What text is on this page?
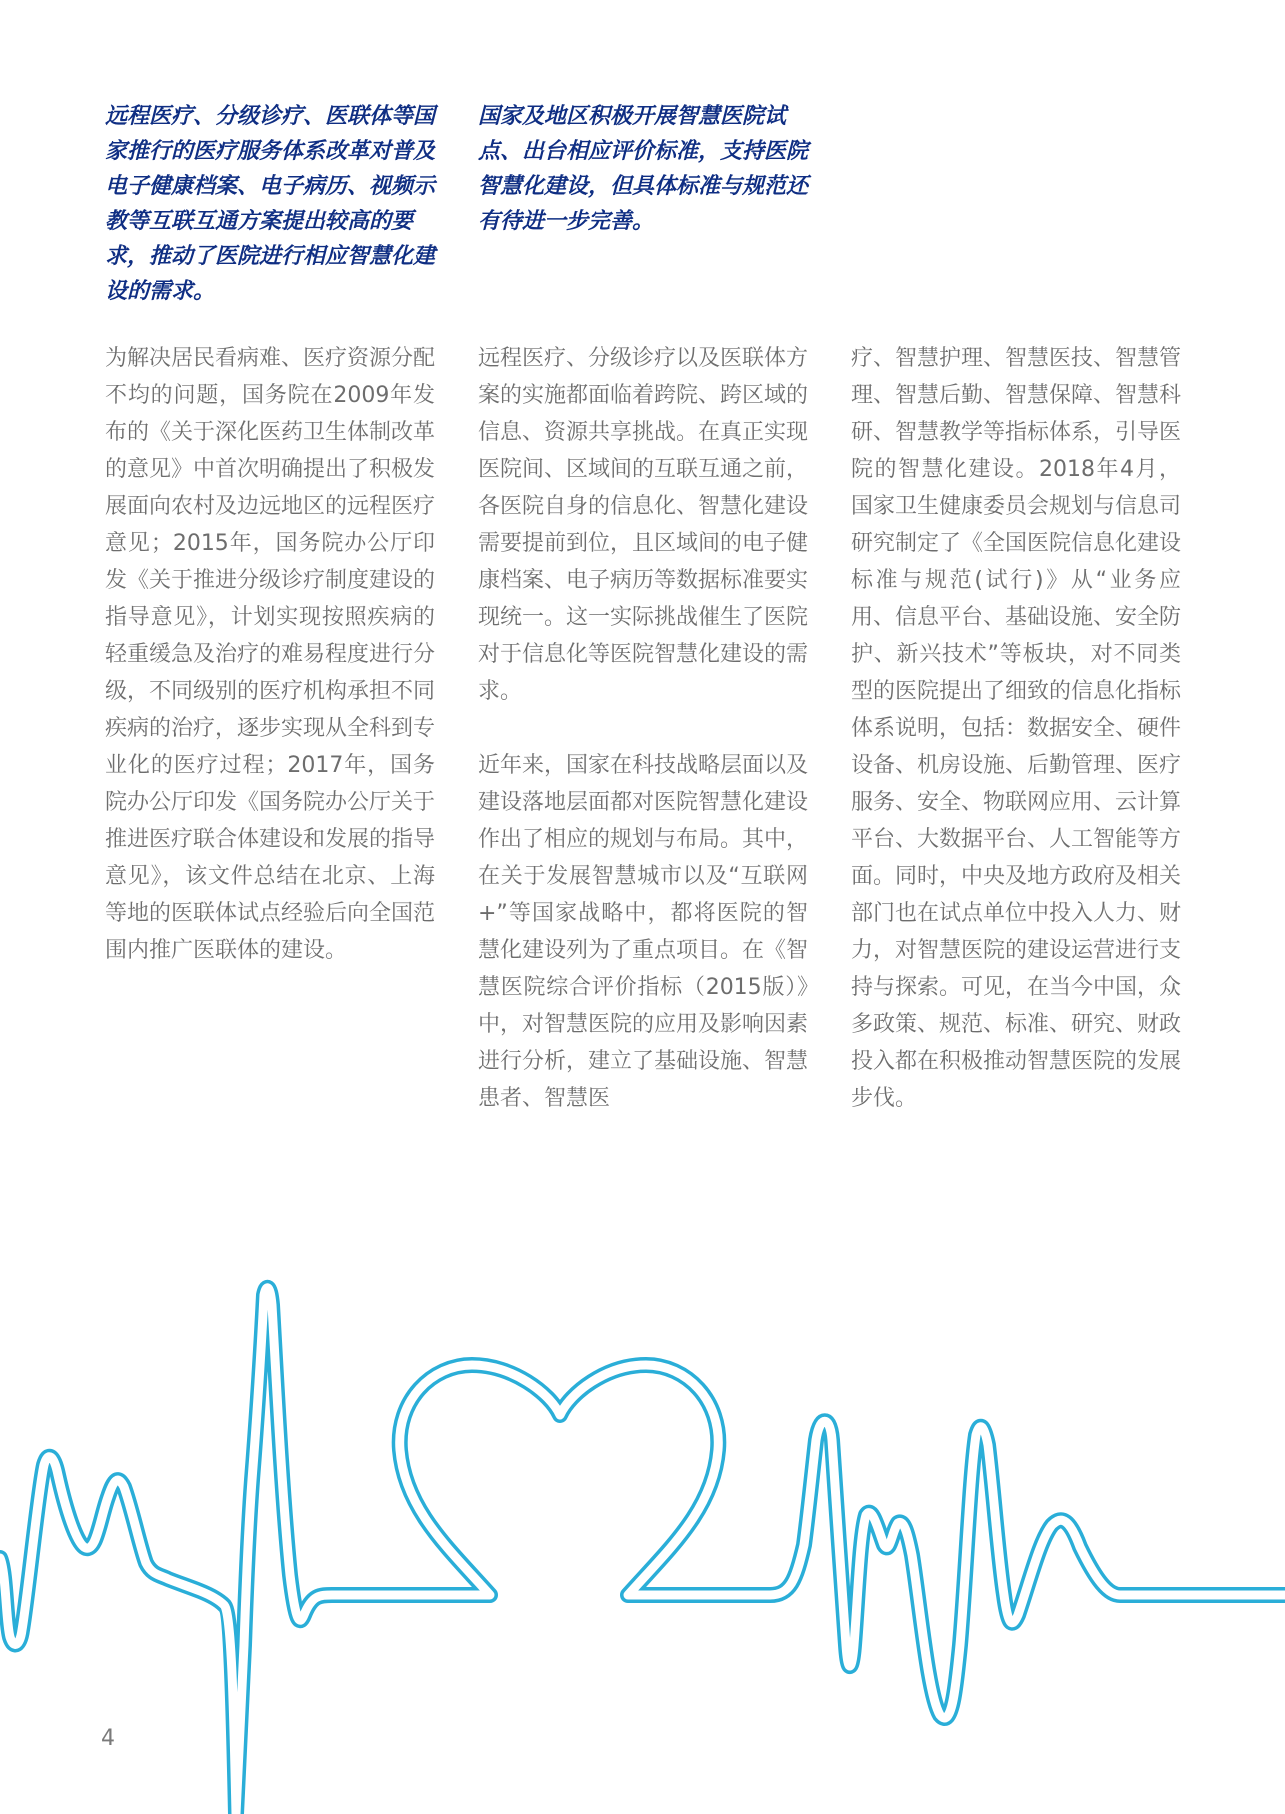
远程医疗、分级诊疗、医联体等国家推行的医疗服务体系改革对普及电子健康档案、电子病历、视频示教等互联互通方案提出较高的要求，推动了医院进行相应智慧化建设的需求。

国家及地区积极开展智慧医院试点、出台相应评价标准，支持医院智慧化建设，但具体标准与规范还有待进一步完善。

为解决居民看病难、医疗资源分配不均的问题，国务院在2009年发布的《关于深化医药卫生体制改革的意见》中首次明确提出了积极发展面向农村及边远地区的远程医疗意见；2015年，国务院办公厅印发《关于推进分级诊疗制度建设的指导意见》，计划实现按照疾病的轻重缓急及治疗的难易程度进行分级，不同级别的医疗机构承担不同疾病的治疗，逐步实现从全科到专业化的医疗过程；2017年，国务院办公厅印发《国务院办公厅关于推进医疗联合体建设和发展的指导意见》，该文件总结在北京、上海等地的医联体试点经验后向全国范围内推广医联体的建设。

远程医疗、分级诊疗以及医联体方案的实施都面临着跨院、跨区域的信息、资源共享挑战。在真正实现医院间、区域间的互联互通之前，各医院自身的信息化、智慧化建设需要提前到位，且区域间的电子健康档案、电子病历等数据标准要实现统一。这一实际挑战催生了医院对于信息化等医院智慧化建设的需求。

近年来，国家在科技战略层面以及建设落地层面都对医院智慧化建设作出了相应的规划与布局。其中，在关于发展智慧城市以及“互联网+”等国家战略中，都将医院的智慧化建设列为了重点项目。在《智慧医院综合评价指标（2015版）》中，对智慧医院的应用及影响因素进行分析，建立了基础设施、智慧患者、智慧医

疗、智慧护理、智慧医技、智慧管理、智慧后勤、智慧保障、智慧科研、智慧教学等指标体系，引导医院的智慧化建设。2018年4月，国家卫生健康委员会规划与信息司研究制定了《全国医院信息化建设标准与规范(试行)》从“业务应用、信息平台、基础设施、安全防护、新兴技术”等板块，对不同类型的医院提出了细致的信息化指标体系说明，包括：数据安全、硬件设备、机房设施、后勤管理、医疗服务、安全、物联网应用、云计算平台、大数据平台、人工智能等方面。同时，中央及地方政府及相关部门也在试点单位中投入人力、财力，对智慧医院的建设运营进行支持与探索。可见，在当今中国，众多政策、规范、标准、研究、财政投入都在积极推动智慧医院的发展步伐。

4
